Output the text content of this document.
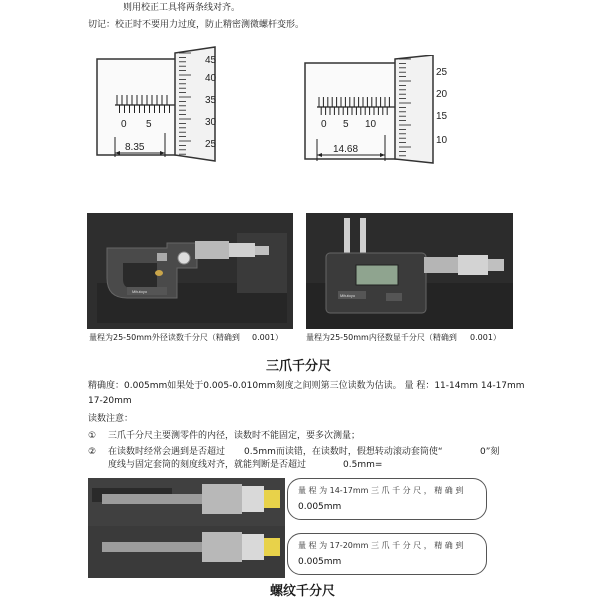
则用校正工具将两条线对齐。
切记：校正时不要用力过度，防止精密测微螺杆变形。
0 5
45
40
35
30
25
8.35
0 5 10
25
20
15
10
14.68
Mitutoyo
Mitutoyo
量程为25-50mm外径读数千分尺（精确到 0.001）	量程为25-50mm内径数显千分尺（精确到 0.001）
三爪千分尺
精确度：0.005mm如果处于0.005-0.010mm刻度之间则第三位读数为估读。 量 程：11-14mm 14-17mm
17-20mm
读数注意：
① 三爪千分尺主要测零件的内径，读数时不能固定，要多次测量；
② 在读数时经常会遇到是否超过 0.5mm而读错，在读数时，假想转动滚动套筒使“	0”刻
度线与固定套筒的刻度线对齐，就能判断是否超过	0.5mm=
量 程 为 14-17mm 三 爪 千 分 尺 ， 精 确 到
0.005mm
量 程 为 17-20mm 三 爪 千 分 尺 ， 精 确 到
0.005mm
螺纹千分尺
